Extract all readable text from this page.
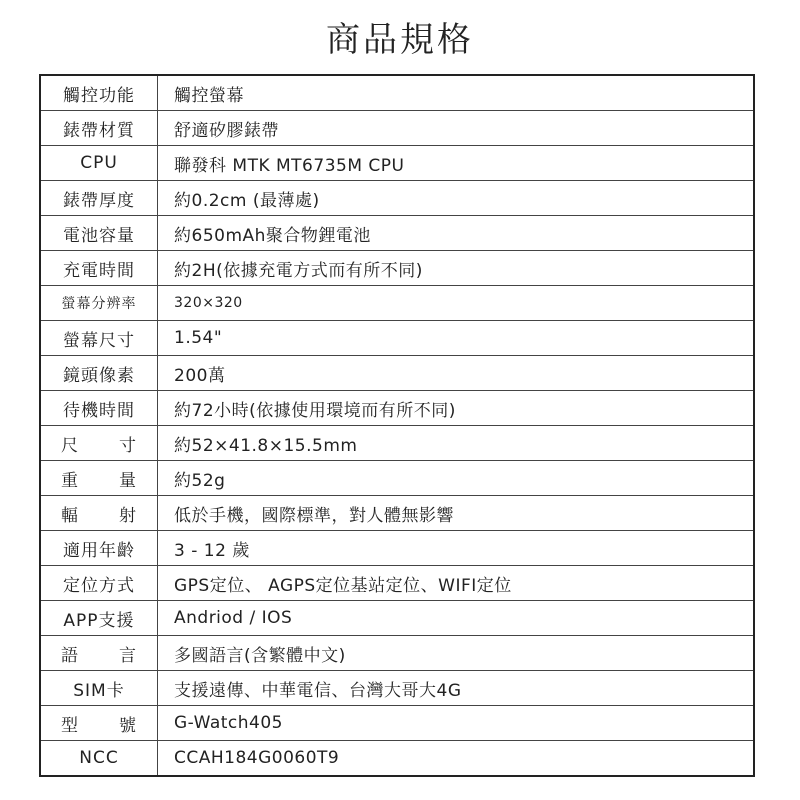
商品規格
觸控功能	觸控螢幕
錶帶材質	舒適矽膠錶帶
CPU	聯發科 MTK MT6735M CPU
錶帶厚度	約0.2cm (最薄處)
電池容量	約650mAh聚合物鋰電池
充電時間	約2H(依據充電方式而有所不同)
螢幕分辨率	320×320
螢幕尺寸	1.54"
鏡頭像素	200萬
待機時間	約72小時(依據使用環境而有所不同)

尺 寸	約52×41.8×15.5mm

重 量	約52g

輻 射	低於手機，國際標準，對人體無影響
適用年齡	3 - 12 歲
定位方式	GPS定位、 AGPS定位基站定位、WIFI定位
APP支援	Andriod / IOS

語 言	多國語言(含繁體中文)
SIM卡	支援遠傳、中華電信、台灣大哥大4G

型 號	G-Watch405
NCC	CCAH184G0060T9
